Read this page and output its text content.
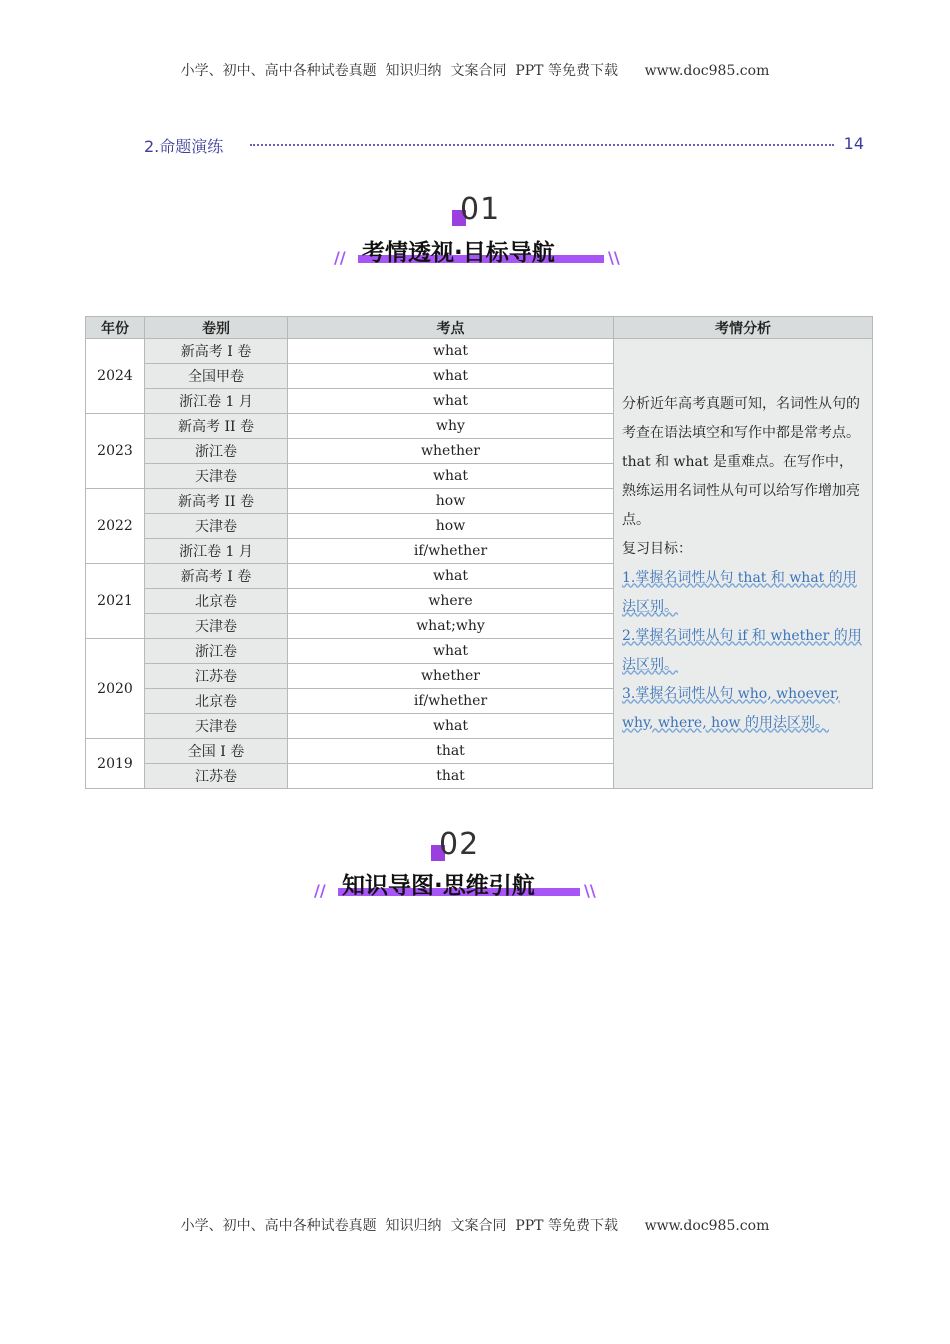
小学、初中、高中各种试卷真题  知识归纳  文案合同  PPT 等免费下载      www.doc985.com
2.命题演练	14
01
// 考情透视·目标导航	\\
年份	卷别	考点	考情分析
2024	新高考 I 卷	what	分析近年高考真题可知，名词性从句的考查在语法填空和写作中都是常考点。that 和 what 是重难点。在写作中，熟练运用名词性从句可以给写作增加亮点。
复习目标：
1.掌握名词性从句 that 和 what 的用法区别。
2.掌握名词性从句 if 和 whether 的用法区别。
3.掌握名词性从句 who, whoever, why, where, how 的用法区别。

	全国甲卷	what	
	浙江卷 1 月	what	
2023	新高考 II 卷	why	
	浙江卷	whether	
	天津卷	what	
2022	新高考 II 卷	how	
	天津卷	how	
	浙江卷 1 月	if/whether	
2021	新高考 I 卷	what	
	北京卷	where	
	天津卷	what;why	
2020	浙江卷	what	
	江苏卷	whether	
	北京卷	if/whether	
	天津卷	what	
2019	全国 I 卷	that	
	江苏卷	that	
02
// 知识导图·思维引航	\\
小学、初中、高中各种试卷真题  知识归纳  文案合同  PPT 等免费下载      www.doc985.com
